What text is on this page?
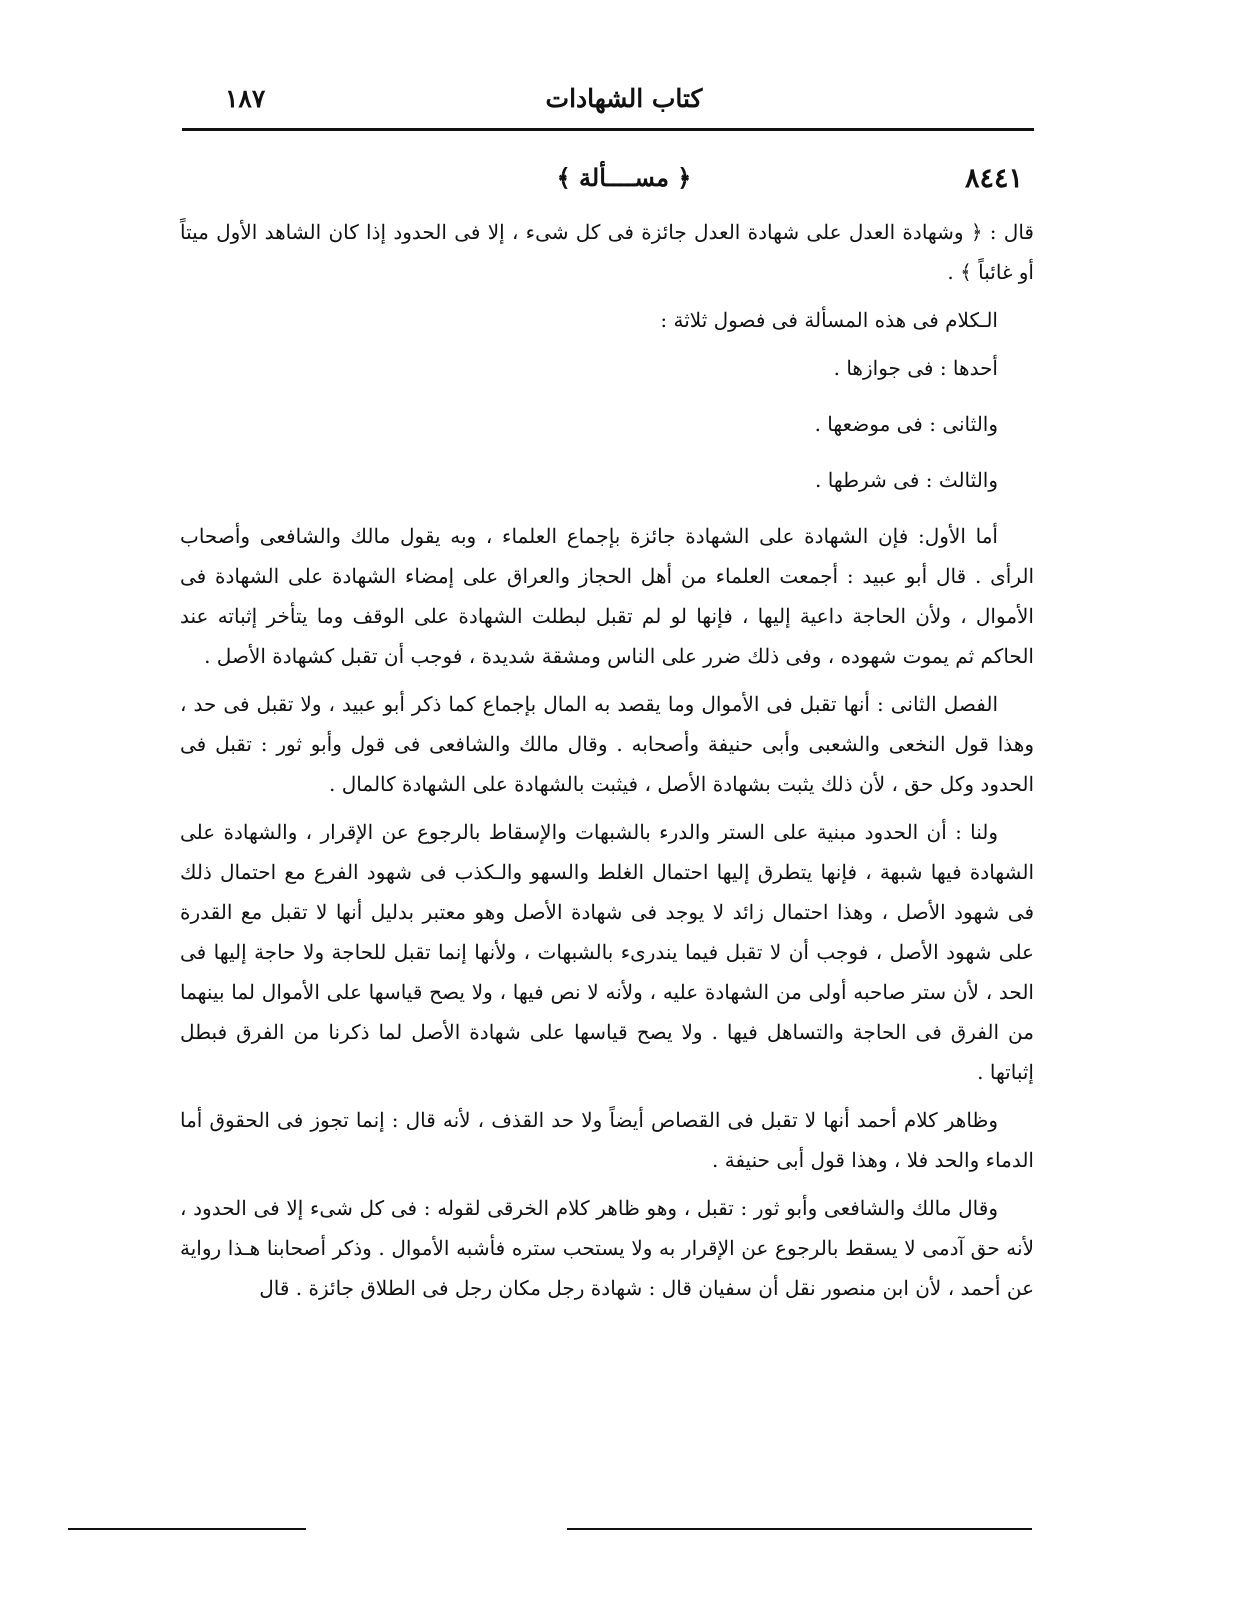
١٨٧	كتاب الشهادات
﴿ مســــألة ﴾	٨٤٤١

قال : ﴿ وشهادة العدل على شهادة العدل جائزة فى كل شىء ، إلا فى الحدود إذا كان الشاهد الأول ميتاً أو غائباً ﴾ .

الـكلام فى هذه المسألة فى فصول ثلاثة :

أحدها : فى جوازها .

والثانى : فى موضعها .

والثالث : فى شرطها .

أما الأول: فإن الشهادة على الشهادة جائزة بإجماع العلماء ، وبه يقول مالك والشافعى وأصحاب الرأى . قال أبو عبيد : أجمعت العلماء من أهل الحجاز والعراق على إمضاء الشهادة على الشهادة فى الأموال ، ولأن الحاجة داعية إليها ، فإنها لو لم تقبل لبطلت الشهادة على الوقف وما يتأخر إثباته عند الحاكم ثم يموت شهوده ، وفى ذلك ضرر على الناس ومشقة شديدة ، فوجب أن تقبل كشهادة الأصل .

الفصل الثانى : أنها تقبل فى الأموال وما يقصد به المال بإجماع كما ذكر أبو عبيد ، ولا تقبل فى حد ، وهذا قول النخعى والشعبى وأبى حنيفة وأصحابه . وقال مالك والشافعى فى قول وأبو ثور : تقبل فى الحدود وكل حق ، لأن ذلك يثبت بشهادة الأصل ، فيثبت بالشهادة على الشهادة كالمال .

ولنا : أن الحدود مبنية على الستر والدرء بالشبهات والإسقاط بالرجوع عن الإقرار ، والشهادة على الشهادة فيها شبهة ، فإنها يتطرق إليها احتمال الغلط والسهو والـكذب فى شهود الفرع مع احتمال ذلك فى شهود الأصل ، وهذا احتمال زائد لا يوجد فى شهادة الأصل وهو معتبر بدليل أنها لا تقبل مع القدرة على شهود الأصل ، فوجب أن لا تقبل فيما يندرىء بالشبهات ، ولأنها إنما تقبل للحاجة ولا حاجة إليها فى الحد ، لأن ستر صاحبه أولى من الشهادة عليه ، ولأنه لا نص فيها ، ولا يصح قياسها على الأموال لما بينهما من الفرق فى الحاجة والتساهل فيها . ولا يصح قياسها على شهادة الأصل لما ذكرنا من الفرق فبطل إثباتها .

وظاهر كلام أحمد أنها لا تقبل فى القصاص أيضاً ولا حد القذف ، لأنه قال : إنما تجوز فى الحقوق أما الدماء والحد فلا ، وهذا قول أبى حنيفة .

وقال مالك والشافعى وأبو ثور : تقبل ، وهو ظاهر كلام الخرقى لقوله : فى كل شىء إلا فى الحدود ، لأنه حق آدمى لا يسقط بالرجوع عن الإقرار به ولا يستحب ستره فأشبه الأموال . وذكر أصحابنا هـذا رواية عن أحمد ، لأن ابن منصور نقل أن سفيان قال : شهادة رجل مكان رجل فى الطلاق جائزة . قال
